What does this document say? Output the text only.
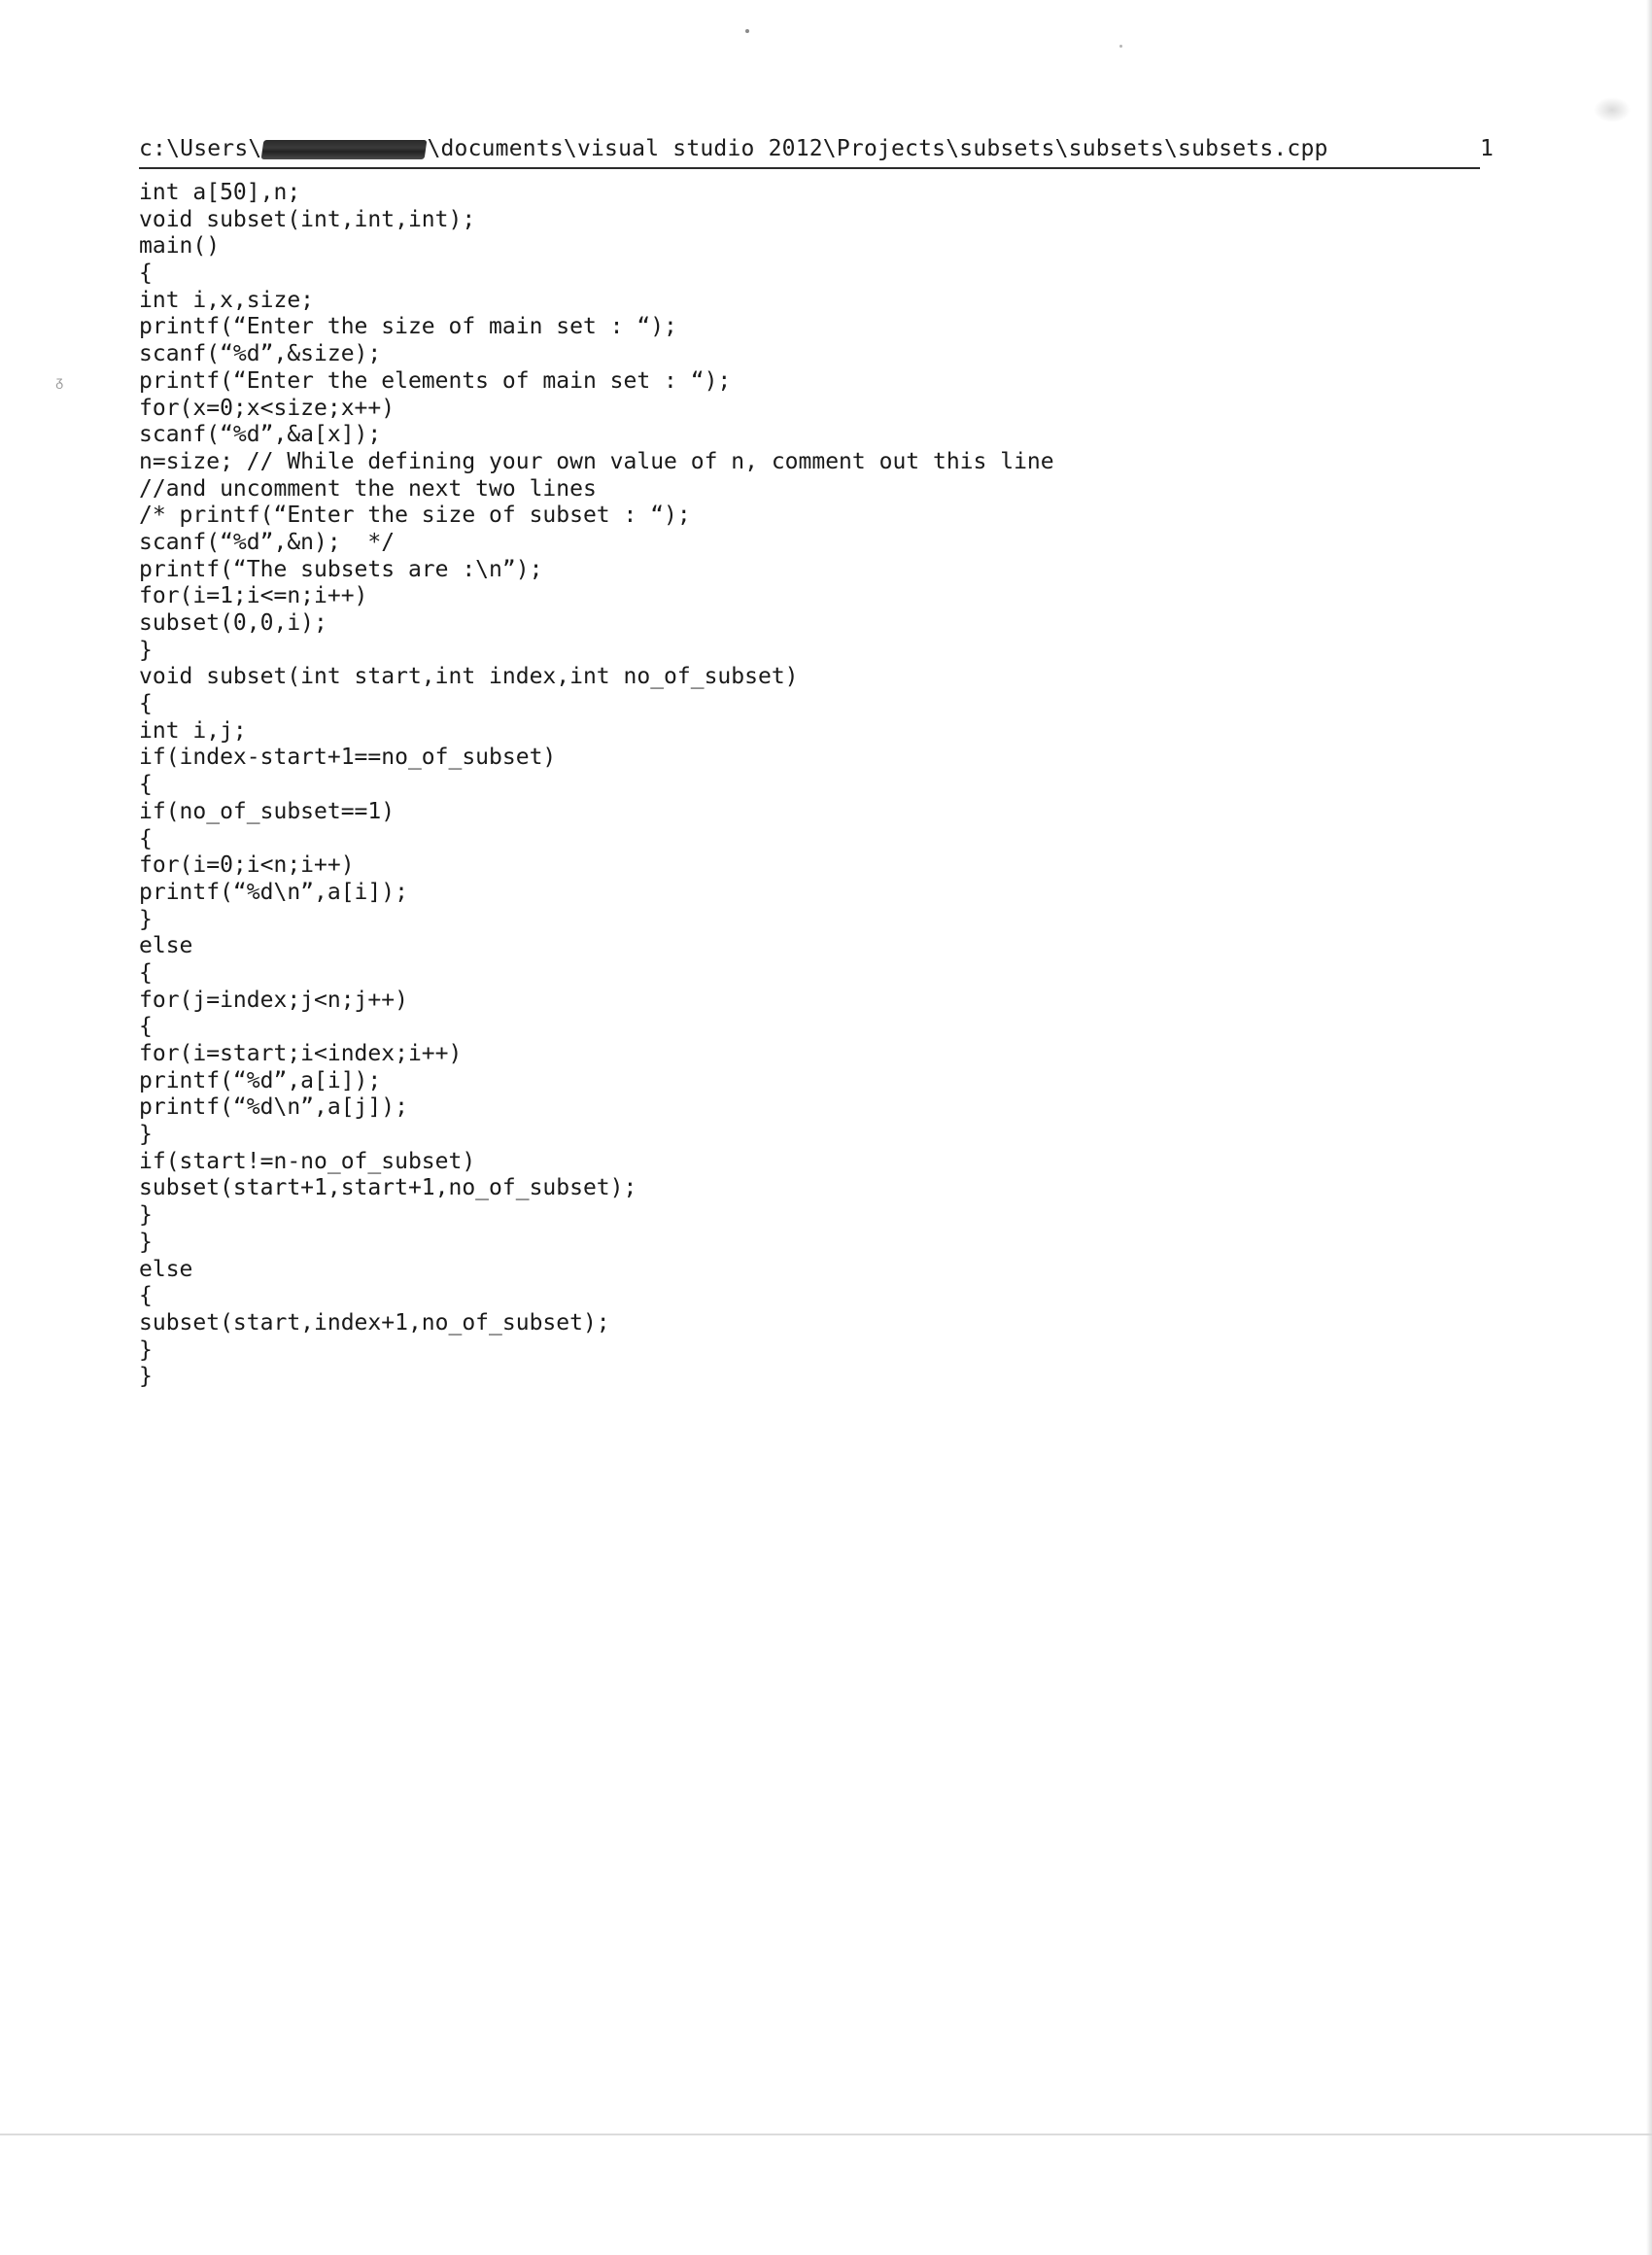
c:\Users\	\documents\visual studio 2012\Projects\subsets\subsets\subsets.cpp	1
int a[50],n;
void subset(int,int,int);
main()
{
int i,x,size;
printf(“Enter the size of main set : “);
scanf(“%d”,&size);
printf(“Enter the elements of main set : “);
for(x=0;x<size;x++)
scanf(“%d”,&a[x]);
n=size; // While defining your own value of n, comment out this line
//and uncomment the next two lines
/* printf(“Enter the size of subset : “);
scanf(“%d”,&n);  */
printf(“The subsets are :\n”);
for(i=1;i<=n;i++)
subset(0,0,i);
}
void subset(int start,int index,int no_of_subset)
{
int i,j;
if(index-start+1==no_of_subset)
{
if(no_of_subset==1)
{
for(i=0;i<n;i++)
printf(“%d\n”,a[i]);
}
else
{
for(j=index;j<n;j++)
{
for(i=start;i<index;i++)
printf(“%d”,a[i]);
printf(“%d\n”,a[j]);
}
if(start!=n-no_of_subset)
subset(start+1,start+1,no_of_subset);
}
}
else
{
subset(start,index+1,no_of_subset);
}
}
ᵹ
